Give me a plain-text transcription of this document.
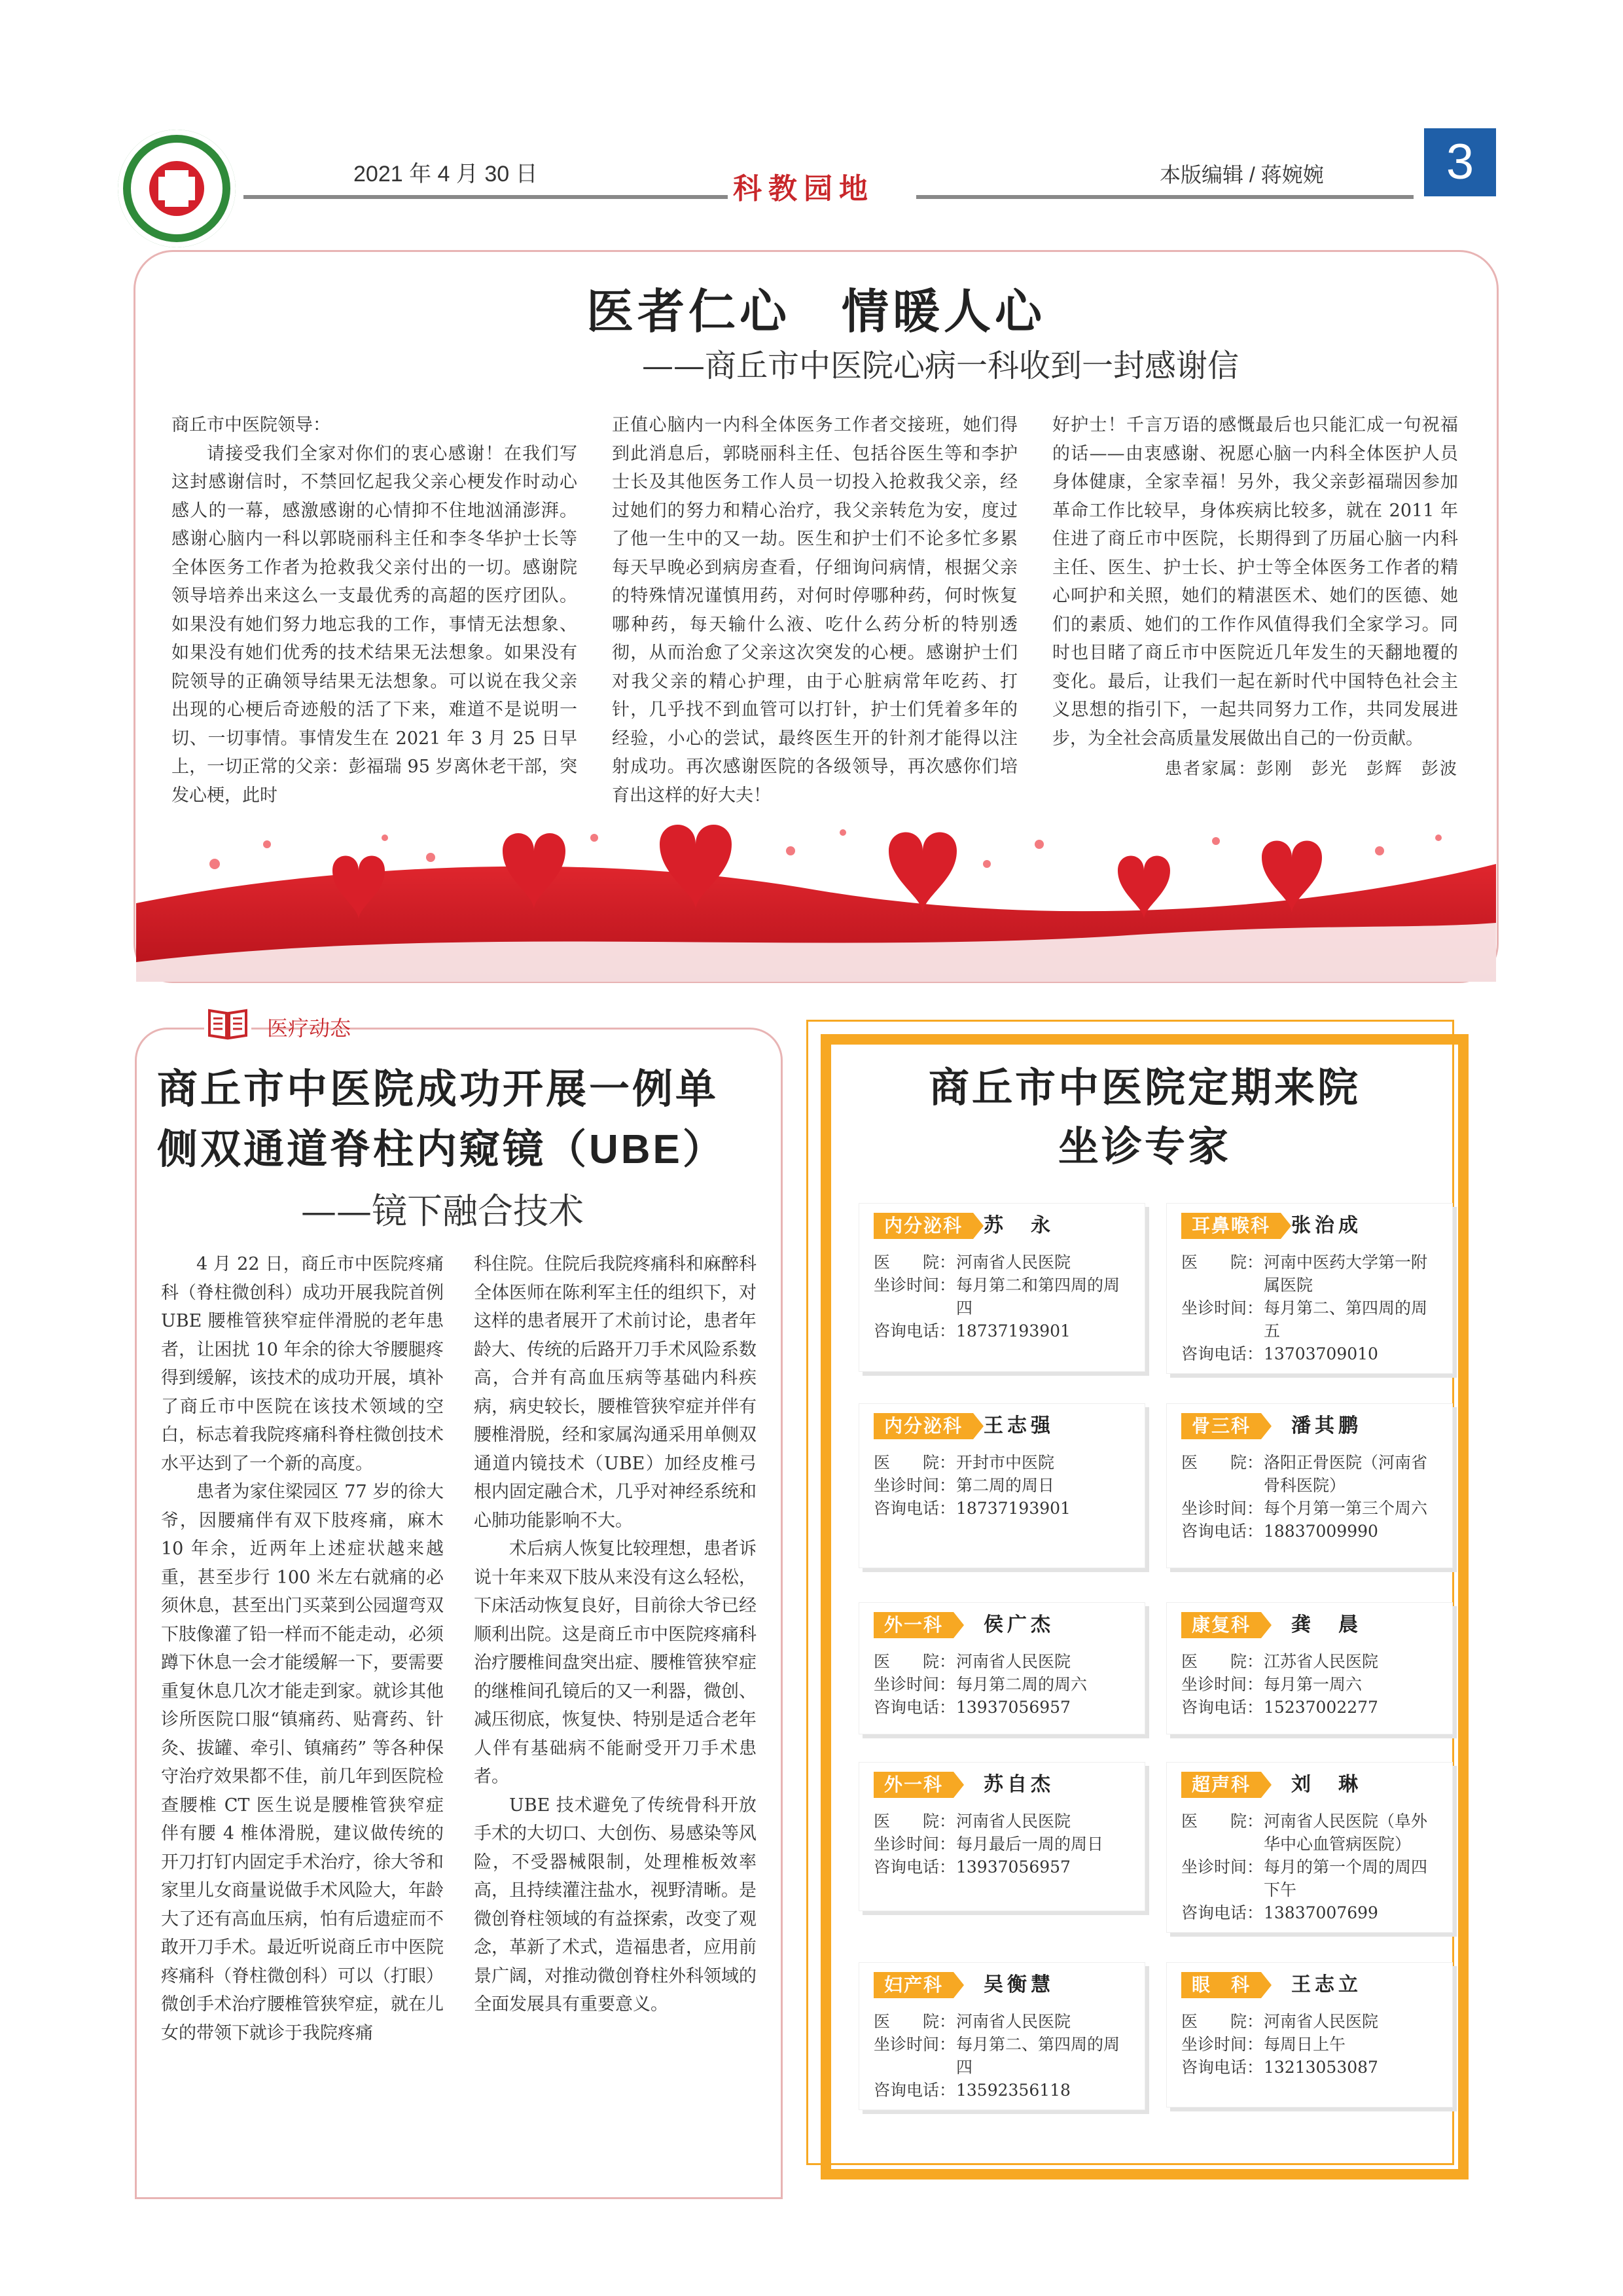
2021 年 4 月 30 日	科教园地	本版编辑 / 蒋婉婉	3
医者仁心　情暖人心
——商丘市中医院心病一科收到一封感谢信

商丘市中医院领导：

请接受我们全家对你们的衷心感谢！在我们写这封感谢信时，不禁回忆起我父亲心梗发作时动心感人的一幕，感激感谢的心情抑不住地汹涌澎湃。感谢心脑内一科以郭晓丽科主任和李冬华护士长等全体医务工作者为抢救我父亲付出的一切。感谢院领导培养出来这么一支最优秀的高超的医疗团队。如果没有她们努力地忘我的工作，事情无法想象、如果没有她们优秀的技术结果无法想象。如果没有院领导的正确领导结果无法想象。可以说在我父亲出现的心梗后奇迹般的活了下来，难道不是说明一切、一切事情。事情发生在 2021 年 3 月 25 日早上，一切正常的父亲：彭福瑞 95 岁离休老干部，突发心梗，此时

正值心脑内一内科全体医务工作者交接班，她们得到此消息后，郭晓丽科主任、包括谷医生等和李护士长及其他医务工作人员一切投入抢救我父亲，经过她们的努力和精心治疗，我父亲转危为安，度过了他一生中的又一劫。医生和护士们不论多忙多累每天早晚必到病房查看，仔细询问病情，根据父亲的特殊情况谨慎用药，对何时停哪种药，何时恢复哪种药，每天输什么液、吃什么药分析的特别透彻，从而治愈了父亲这次突发的心梗。感谢护士们对我父亲的精心护理，由于心脏病常年吃药、打针，几乎找不到血管可以打针，护士们凭着多年的经验，小心的尝试，最终医生开的针剂才能得以注射成功。再次感谢医院的各级领导，再次感你们培育出这样的好大夫！

好护士！千言万语的感慨最后也只能汇成一句祝福的话——由衷感谢、祝愿心脑一内科全体医护人员身体健康，全家幸福！另外，我父亲彭福瑞因参加革命工作比较早，身体疾病比较多，就在 2011 年住进了商丘市中医院，长期得到了历届心脑一内科主任、医生、护士长、护士等全体医务工作者的精心呵护和关照，她们的精湛医术、她们的医德、她们的素质、她们的工作作风值得我们全家学习。同时也目睹了商丘市中医院近几年发生的天翻地覆的变化。最后，让我们一起在新时代中国特色社会主义思想的指引下，一起共同努力工作，共同发展进步，为全社会高质量发展做出自己的一份贡献。

患者家属：彭刚　彭光　彭辉　彭波

医疗动态
商丘市中医院成功开展一例单
侧双通道脊柱内窥镜（UBE）
——镜下融合技术

4 月 22 日，商丘市中医院疼痛科（脊柱微创科）成功开展我院首例 UBE 腰椎管狭窄症伴滑脱的老年患者，让困扰 10 年余的徐大爷腰腿疼得到缓解，该技术的成功开展，填补了商丘市中医院在该技术领域的空白，标志着我院疼痛科脊柱微创技术水平达到了一个新的高度。

患者为家住梁园区 77 岁的徐大爷，因腰痛伴有双下肢疼痛，麻木 10 年余，近两年上述症状越来越重，甚至步行 100 米左右就痛的必须休息，甚至出门买菜到公园遛弯双下肢像灌了铅一样而不能走动，必须蹲下休息一会才能缓解一下，要需要重复休息几次才能走到家。就诊其他诊所医院口服“镇痛药、贴膏药、针灸、拔罐、牵引、镇痛药” 等各种保守治疗效果都不佳，前几年到医院检查腰椎 CT 医生说是腰椎管狭窄症伴有腰 4 椎体滑脱，建议做传统的开刀打钉内固定手术治疗，徐大爷和家里儿女商量说做手术风险大，年龄大了还有高血压病，怕有后遗症而不敢开刀手术。最近听说商丘市中医院疼痛科（脊柱微创科）可以（打眼）微创手术治疗腰椎管狭窄症，就在儿女的带领下就诊于我院疼痛

科住院。住院后我院疼痛科和麻醉科全体医师在陈利军主任的组织下，对这样的患者展开了术前讨论，患者年龄大、传统的后路开刀手术风险系数高，合并有高血压病等基础内科疾病，病史较长，腰椎管狭窄症并伴有腰椎滑脱，经和家属沟通采用单侧双通道内镜技术（UBE）加经皮椎弓根内固定融合术，几乎对神经系统和心肺功能影响不大。

术后病人恢复比较理想，患者诉说十年来双下肢从来没有这么轻松，下床活动恢复良好，目前徐大爷已经顺利出院。这是商丘市中医院疼痛科治疗腰椎间盘突出症、腰椎管狭窄症的继椎间孔镜后的又一利器，微创、减压彻底，恢复快、特别是适合老年人伴有基础病不能耐受开刀手术患者。

UBE 技术避免了传统骨科开放手术的大切口、大创伤、易感染等风险，不受器械限制，处理椎板效率高，且持续灌注盐水，视野清晰。是微创脊柱领域的有益探索，改变了观念，革新了术式，造福患者，应用前景广阔，对推动微创脊柱外科领域的全面发展具有重要意义。

商丘市中医院定期来院
坐诊专家
内分泌科	苏　永
医　　院： 河南省人民医院
坐诊时间： 每月第二和第四周的周四
咨询电话： 18737193901
耳鼻喉科	张治成
医　　院： 河南中医药大学第一附属医院
坐诊时间： 每月第二、第四周的周五
咨询电话： 13703709010
内分泌科	王志强
医　　院： 开封市中医院
坐诊时间： 第二周的周日
咨询电话： 18737193901
骨三科	潘其鹏
医　　院： 洛阳正骨医院（河南省骨科医院）
坐诊时间： 每个月第一第三个周六
咨询电话： 18837009990
外一科	侯广杰
医　　院： 河南省人民医院
坐诊时间： 每月第二周的周六
咨询电话： 13937056957
康复科	龚　晨
医　　院： 江苏省人民医院
坐诊时间： 每月第一周六
咨询电话： 15237002277
外一科	苏自杰
医　　院： 河南省人民医院
坐诊时间： 每月最后一周的周日
咨询电话： 13937056957
超声科	刘　琳
医　　院： 河南省人民医院（阜外华中心血管病医院）
坐诊时间： 每月的第一个周的周四下午
咨询电话： 13837007699
妇产科	吴衡慧
医　　院： 河南省人民医院
坐诊时间： 每月第二、第四周的周四
咨询电话： 13592356118
眼　科	王志立
医　　院： 河南省人民医院
坐诊时间： 每周日上午
咨询电话： 13213053087
